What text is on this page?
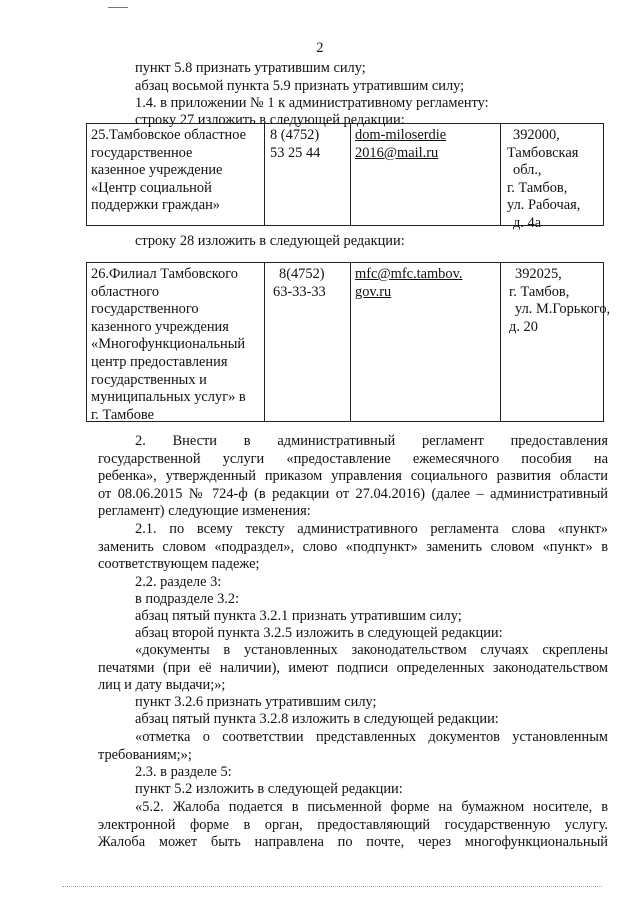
2
пункт 5.8 признать утратившим силу;
абзац восьмой пункта 5.9 признать утратившим силу;
1.4. в приложении № 1 к административному регламенту:
строку 27 изложить в следующей редакции:
25.Тамбовское областное
государственное
казенное учреждение
«Центр социальной
поддержки граждан»
8 (4752)
53 25 44
dom-miloserdie
2016@mail.ru
392000,
Тамбовская
обл.,
г. Тамбов,
ул. Рабочая,
д. 4а
строку 28 изложить в следующей редакции:
26.Филиал Тамбовского
областного
государственного
казенного учреждения
«Многофункциональный
центр предоставления
государственных и
муниципальных услуг» в
г. Тамбове
8(4752)
63-33-33
mfc@mfc.tambov.
gov.ru
392025,
г. Тамбов,
ул. М.Горького,
д. 20
2. Внести в административный регламент предоставления
государственной услуги «предоставление ежемесячного пособия на
ребенка», утвержденный приказом управления социального развития области
от 08.06.2015 № 724-ф (в редакции от 27.04.2016) (далее – административный
регламент) следующие изменения:
2.1. по всему тексту административного регламента слова «пункт»
заменить словом «подраздел», слово «подпункт» заменить словом «пункт» в
соответствующем падеже;
2.2. разделе 3:
в подразделе 3.2:
абзац пятый пункта 3.2.1 признать утратившим силу;
абзац второй пункта 3.2.5 изложить в следующей редакции:
«документы в установленных законодательством случаях скреплены
печатями (при её наличии), имеют подписи определенных законодательством
лиц и дату выдачи;»;
пункт 3.2.6 признать утратившим силу;
абзац пятый пункта 3.2.8 изложить в следующей редакции:
«отметка о соответствии представленных документов установленным
требованиям;»;
2.3. в разделе 5:
пункт 5.2 изложить в следующей редакции:
«5.2. Жалоба подается в письменной форме на бумажном носителе, в
электронной форме в орган, предоставляющий государственную услугу.
Жалоба может быть направлена по почте, через многофункциональный
